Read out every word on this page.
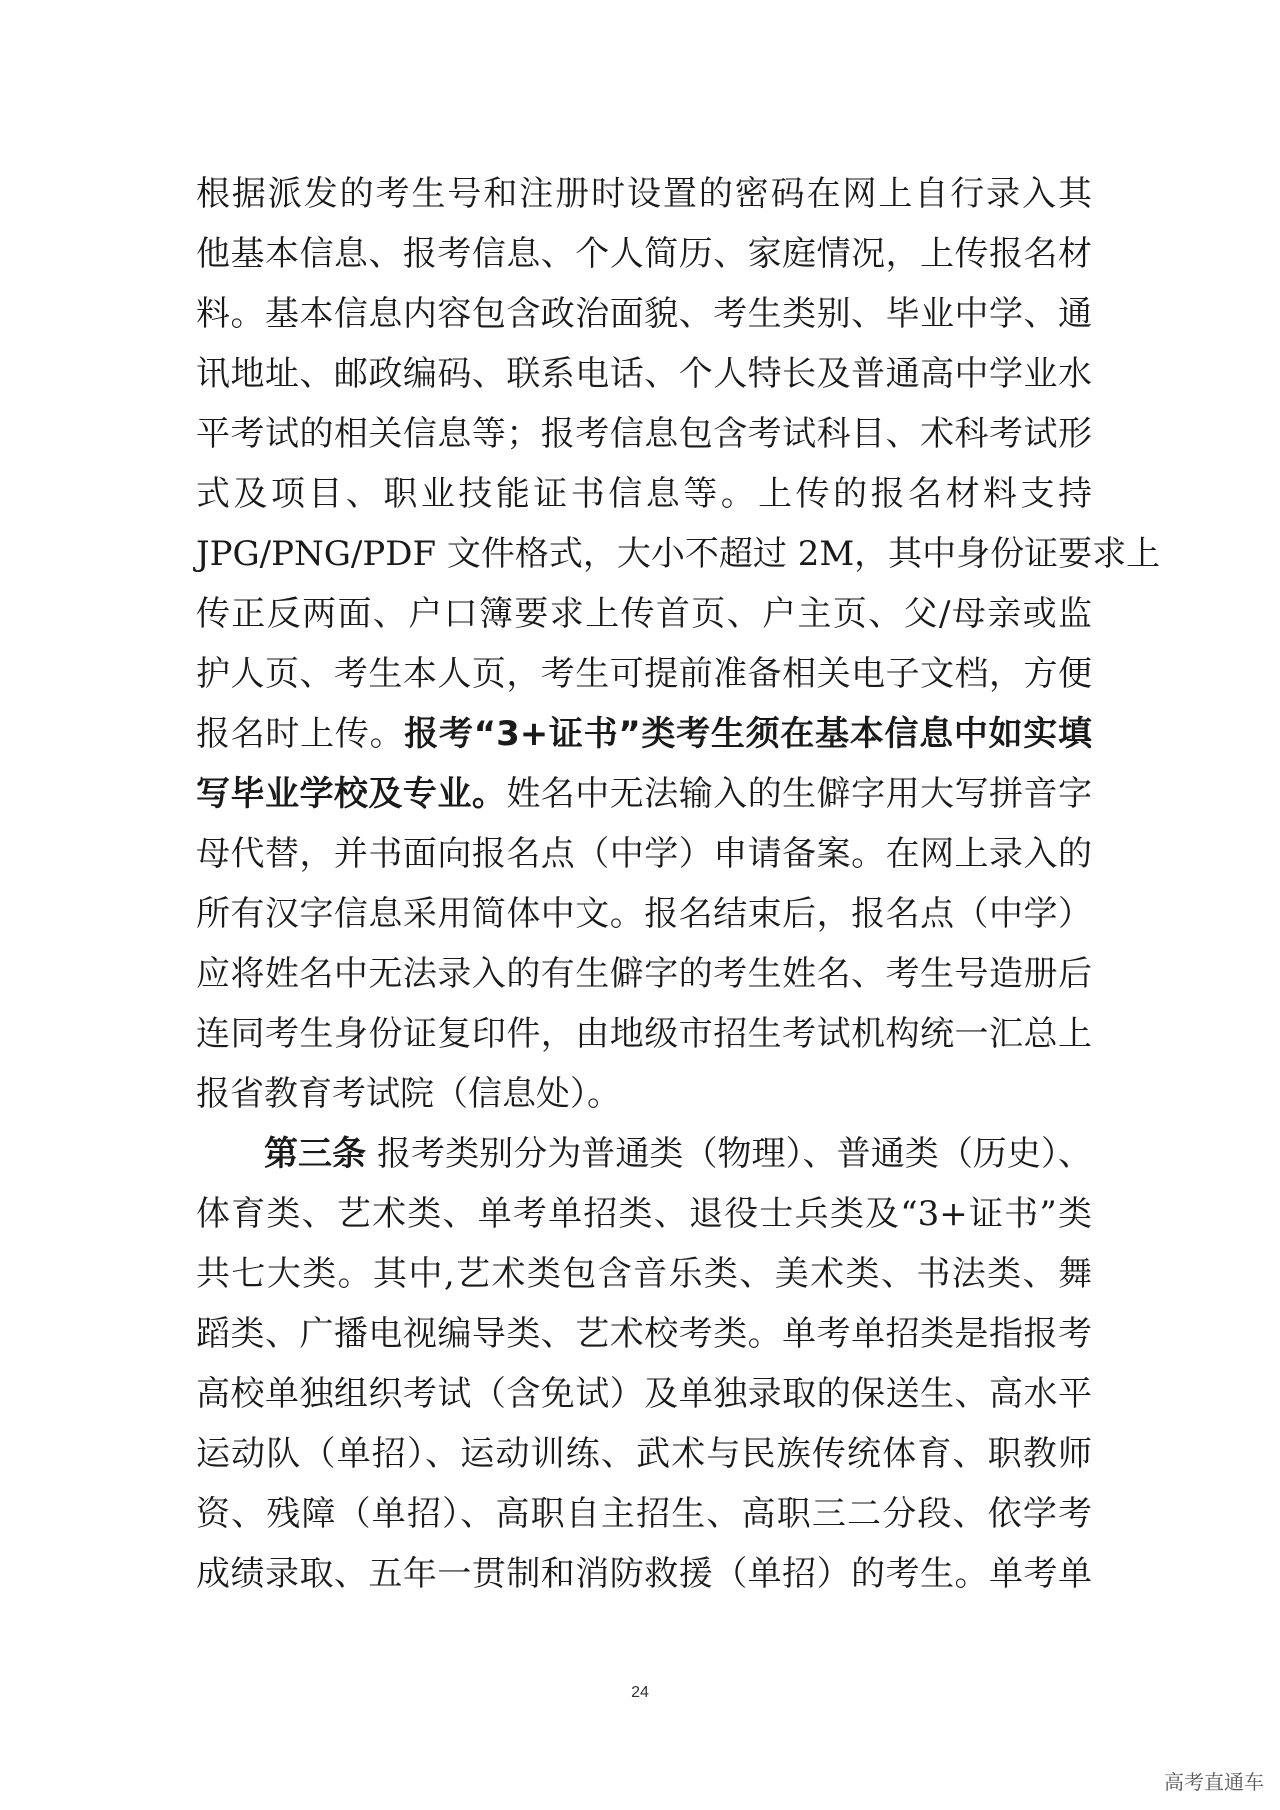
根据派发的考生号和注册时设置的密码在网上自行录入其
他基本信息、报考信息、个人简历、家庭情况，上传报名材
料。基本信息内容包含政治面貌、考生类别、毕业中学、通
讯地址、邮政编码、联系电话、个人特长及普通高中学业水
平考试的相关信息等；报考信息包含考试科目、术科考试形
式及项目、职业技能证书信息等。上传的报名材料支持
JPG/PNG/PDF 文件格式，大小不超过 2M，其中身份证要求上
传正反两面、户口簿要求上传首页、户主页、父/母亲或监
护人页、考生本人页，考生可提前准备相关电子文档，方便
报名时上传。报考“3+证书”类考生须在基本信息中如实填
写毕业学校及专业。姓名中无法输入的生僻字用大写拼音字
母代替，并书面向报名点（中学）申请备案。在网上录入的
所有汉字信息采用简体中文。报名结束后，报名点（中学）
应将姓名中无法录入的有生僻字的考生姓名、考生号造册后
连同考生身份证复印件，由地级市招生考试机构统一汇总上
报省教育考试院（信息处）。
第三条 报考类别分为普通类（物理）、普通类（历史）、
体育类、艺术类、单考单招类、退役士兵类及“3+证书”类
共七大类。其中,艺术类包含音乐类、美术类、书法类、舞
蹈类、广播电视编导类、艺术校考类。单考单招类是指报考
高校单独组织考试（含免试）及单独录取的保送生、高水平
运动队（单招）、运动训练、武术与民族传统体育、职教师
资、残障（单招）、高职自主招生、高职三二分段、依学考
成绩录取、五年一贯制和消防救援（单招）的考生。单考单
24
高考直通车
